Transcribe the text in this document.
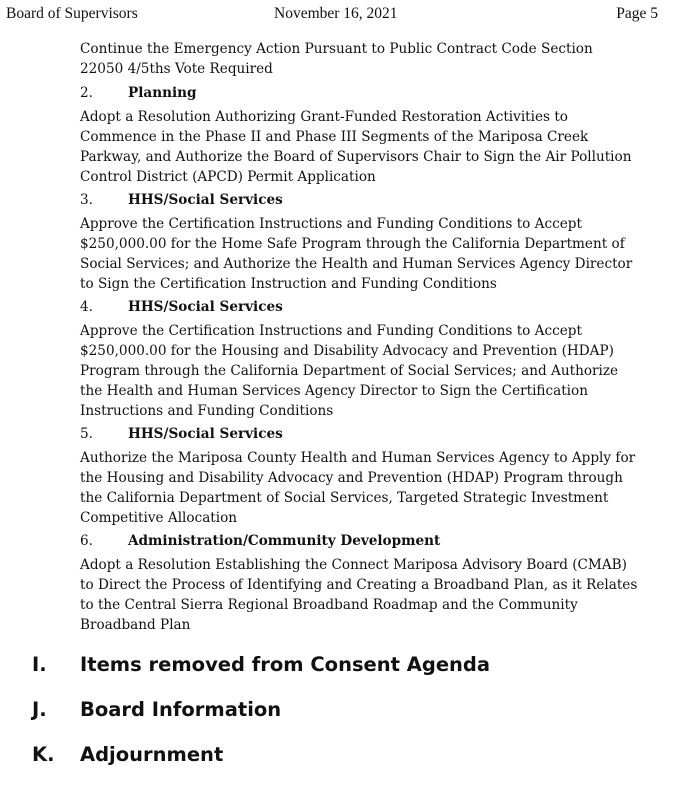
Board of Supervisors	November 16, 2021	Page 5
Continue the Emergency Action Pursuant to Public Contract Code Section
22050 4/5ths Vote Required
2.	Planning
Adopt a Resolution Authorizing Grant-Funded Restoration Activities to
Commence in the Phase II and Phase III Segments of the Mariposa Creek
Parkway, and Authorize the Board of Supervisors Chair to Sign the Air Pollution
Control District (APCD) Permit Application
3.	HHS/Social Services
Approve the Certification Instructions and Funding Conditions to Accept
$250,000.00 for the Home Safe Program through the California Department of
Social Services; and Authorize the Health and Human Services Agency Director
to Sign the Certification Instruction and Funding Conditions
4.	HHS/Social Services
Approve the Certification Instructions and Funding Conditions to Accept
$250,000.00 for the Housing and Disability Advocacy and Prevention (HDAP)
Program through the California Department of Social Services; and Authorize
the Health and Human Services Agency Director to Sign the Certification
Instructions and Funding Conditions
5.	HHS/Social Services
Authorize the Mariposa County Health and Human Services Agency to Apply for
the Housing and Disability Advocacy and Prevention (HDAP) Program through
the California Department of Social Services, Targeted Strategic Investment
Competitive Allocation
6.	Administration/Community Development
Adopt a Resolution Establishing the Connect Mariposa Advisory Board (CMAB)
to Direct the Process of Identifying and Creating a Broadband Plan, as it Relates
to the Central Sierra Regional Broadband Roadmap and the Community
Broadband Plan
I. Items removed from Consent Agenda
J. Board Information
K. Adjournment
